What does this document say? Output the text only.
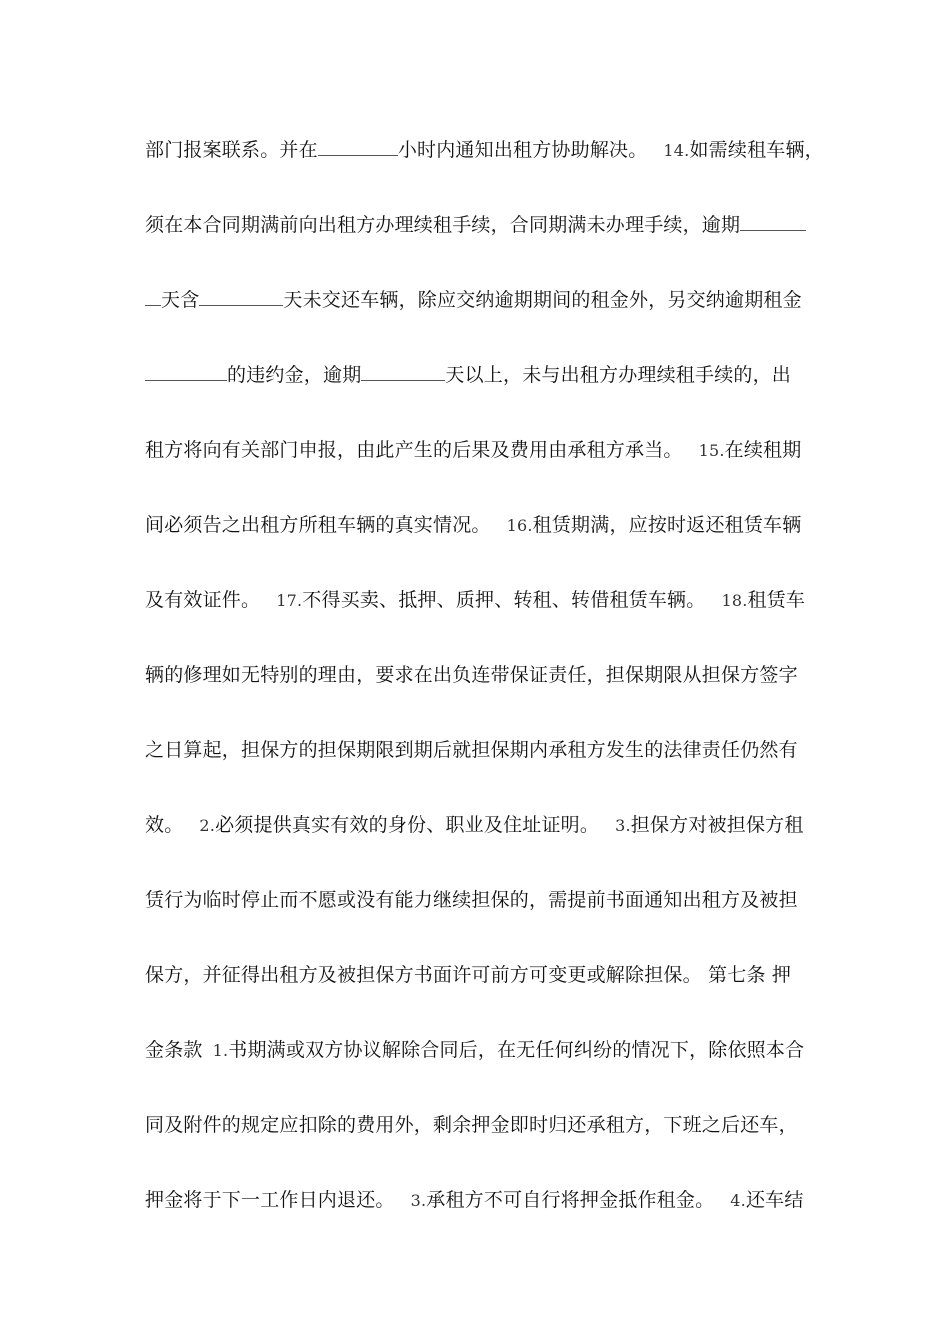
部门报案联系。并在	小时内通知出租方协助解决。 14.如需续租车辆，
须在本合同期满前向出租方办理续租手续，合同期满未办理手续，逾期
天含	天未交还车辆，除应交纳逾期期间的租金外，另交纳逾期租金
的违约金，逾期	天以上，未与出租方办理续租手续的，出
租方将向有关部门申报，由此产生的后果及费用由承租方承当。 15.在续租期
间必须告之出租方所租车辆的真实情况。 16.租赁期满，应按时返还租赁车辆
及有效证件。 17.不得买卖、抵押、质押、转租、转借租赁车辆。 18.租赁车
辆的修理如无特别的理由，要求在出负连带保证责任，担保期限从担保方签字
之日算起，担保方的担保期限到期后就担保期内承租方发生的法律责任仍然有
效。 2.必须提供真实有效的身份、职业及住址证明。 3.担保方对被担保方租
赁行为临时停止而不愿或没有能力继续担保的，需提前书面通知出租方及被担
保方，并征得出租方及被担保方书面许可前方可变更或解除担保。 第七条 押
金条款 1.书期满或双方协议解除合同后，在无任何纠纷的情况下，除依照本合
同及附件的规定应扣除的费用外，剩余押金即时归还承租方，下班之后还车，
押金将于下一工作日内退还。 3.承租方不可自行将押金抵作租金。 4.还车结
